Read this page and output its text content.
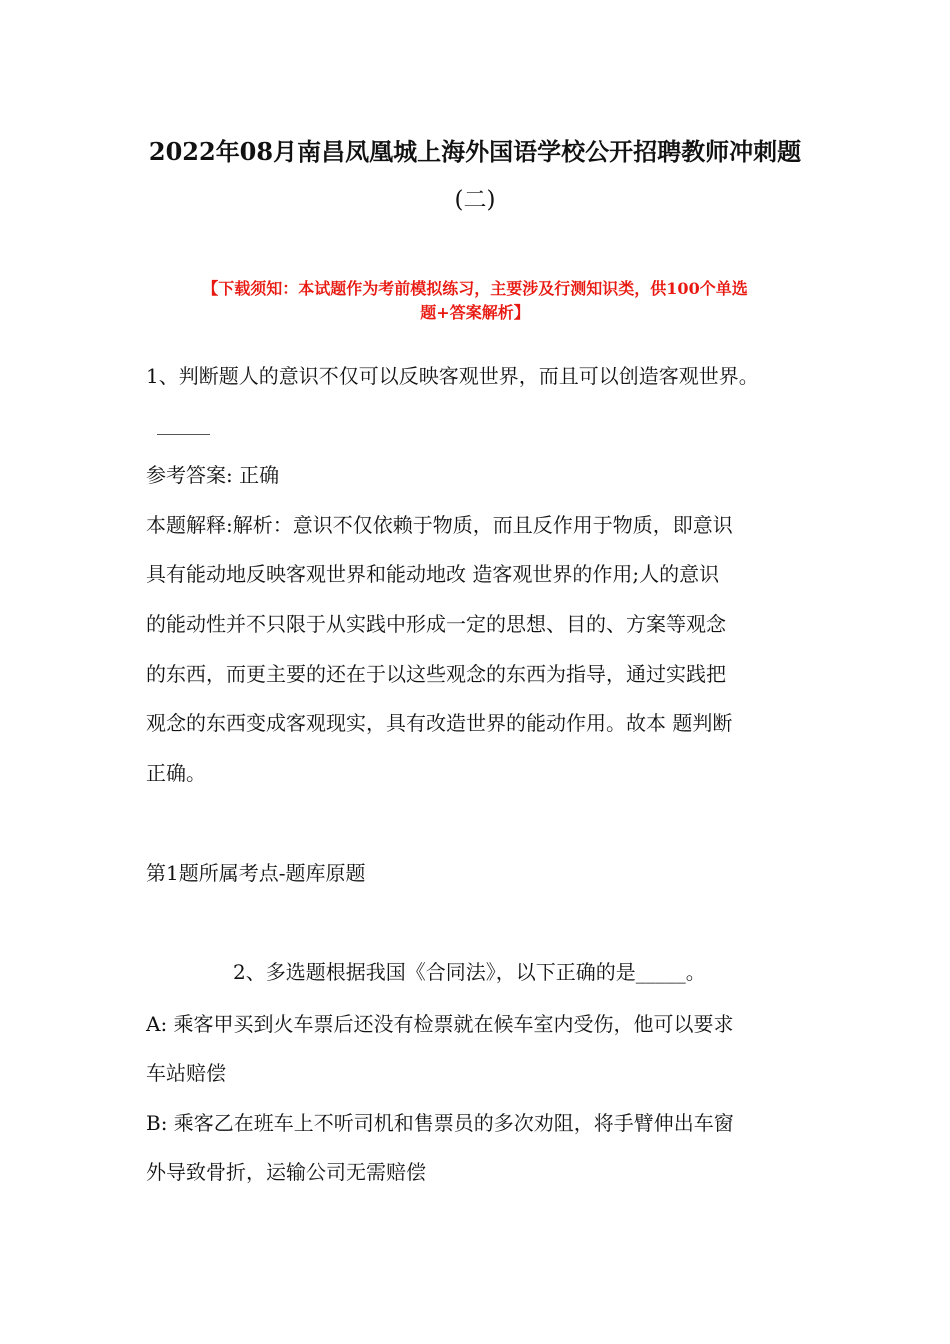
2022年08月南昌凤凰城上海外国语学校公开招聘教师冲刺题
(二)
【下载须知：本试题作为考前模拟练习，主要涉及行测知识类，供100个单选
题+答案解析】
1、判断题人的意识不仅可以反映客观世界，而且可以创造客观世界。
参考答案: 正确
本题解释:解析：意识不仅依赖于物质，而且反作用于物质，即意识
具有能动地反映客观世界和能动地改 造客观世界的作用;人的意识
的能动性并不只限于从实践中形成一定的思想、目的、方案等观念
的东西，而更主要的还在于以这些观念的东西为指导，通过实践把
观念的东西变成客观现实，具有改造世界的能动作用。故本 题判断
正确。
第1题所属考点-题库原题
2、多选题根据我国《合同法》，以下正确的是_____。
A: 乘客甲买到火车票后还没有检票就在候车室内受伤，他可以要求
车站赔偿
B: 乘客乙在班车上不听司机和售票员的多次劝阻，将手臂伸出车窗
外导致骨折，运输公司无需赔偿
